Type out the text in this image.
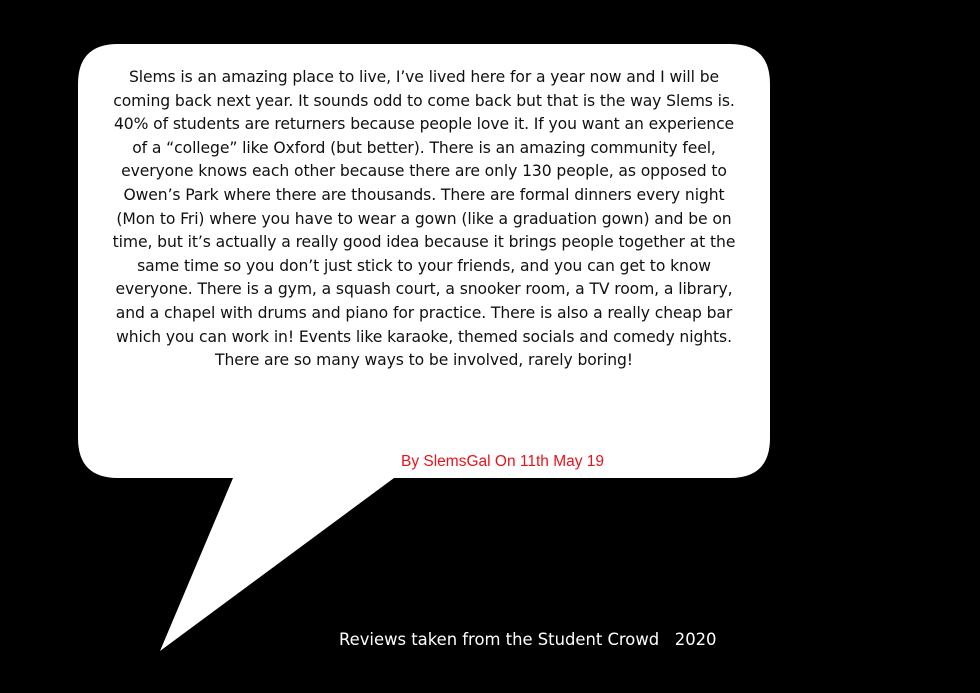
Slems is an amazing place to live, I’ve lived here for a year now and I will be coming back next year. It sounds odd to come back but that is the way Slems is. 40% of students are returners because people love it. If you want an experience of a “college” like Oxford (but better). There is an amazing community feel, everyone knows each other because there are only 130 people, as opposed to Owen’s Park where there are thousands. There are formal dinners every night (Mon to Fri) where you have to wear a gown (like a graduation gown) and be on time, but it’s actually a really good idea because it brings people together at the same time so you don’t just stick to your friends, and you can get to know everyone. There is a gym, a squash court, a snooker room, a TV room, a library, and a chapel with drums and piano for practice. There is also a really cheap bar which you can work in! Events like karaoke, themed socials and comedy nights. There are so many ways to be involved, rarely boring!

By SlemsGal On 11th May 19

Reviews taken from the Student Crowd   2020
